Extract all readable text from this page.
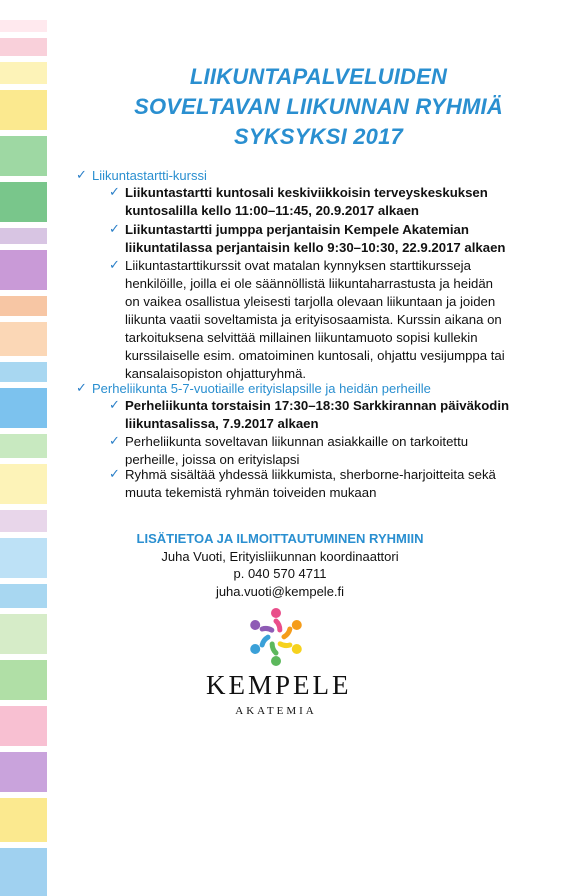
LIIKUNTAPALVELUIDEN
SOVELTAVAN LIIKUNNAN RYHMIÄ
SYKSYKSI 2017
✓ Liikuntastartti-kurssi
✓ Liikuntastartti kuntosali keskiviikkoisin terveyskeskuksen
kuntosalilla kello 11:00–11:45, 20.9.2017 alkaen
✓ Liikuntastartti jumppa perjantaisin Kempele Akatemian
liikuntatilassa perjantaisin kello 9:30–10:30, 22.9.2017 alkaen
✓ Liikuntastarttikurssit ovat matalan kynnyksen starttikursseja
henkilöille, joilla ei ole säännöllistä liikuntaharrastusta ja heidän
on vaikea osallistua yleisesti tarjolla olevaan liikuntaan ja joiden
liikunta vaatii soveltamista ja erityisosaamista. Kurssin aikana on
tarkoituksena selvittää millainen liikuntamuoto sopisi kullekin
kurssilaiselle esim. omatoiminen kuntosali, ohjattu vesijumppa tai
kansalaisopiston ohjatturyhmä.
✓ Perheliikunta 5-7-vuotiaille erityislapsille ja heidän perheille
✓ Perheliikunta torstaisin 17:30–18:30 Sarkkirannan päiväkodin
liikuntasalissa, 7.9.2017 alkaen
✓ Perheliikunta soveltavan liikunnan asiakkaille on tarkoitettu
perheille, joissa on erityislapsi
✓ Ryhmä sisältää yhdessä liikkumista, sherborne-harjoitteita sekä
muuta tekemistä ryhmän toiveiden mukaan
LISÄTIETOA JA ILMOITTAUTUMINEN RYHMIIN
Juha Vuoti, Erityisliikunnan koordinaattori
p. 040 570 4711
juha.vuoti@kempele.fi
KEMPELE
AKATEMIA
